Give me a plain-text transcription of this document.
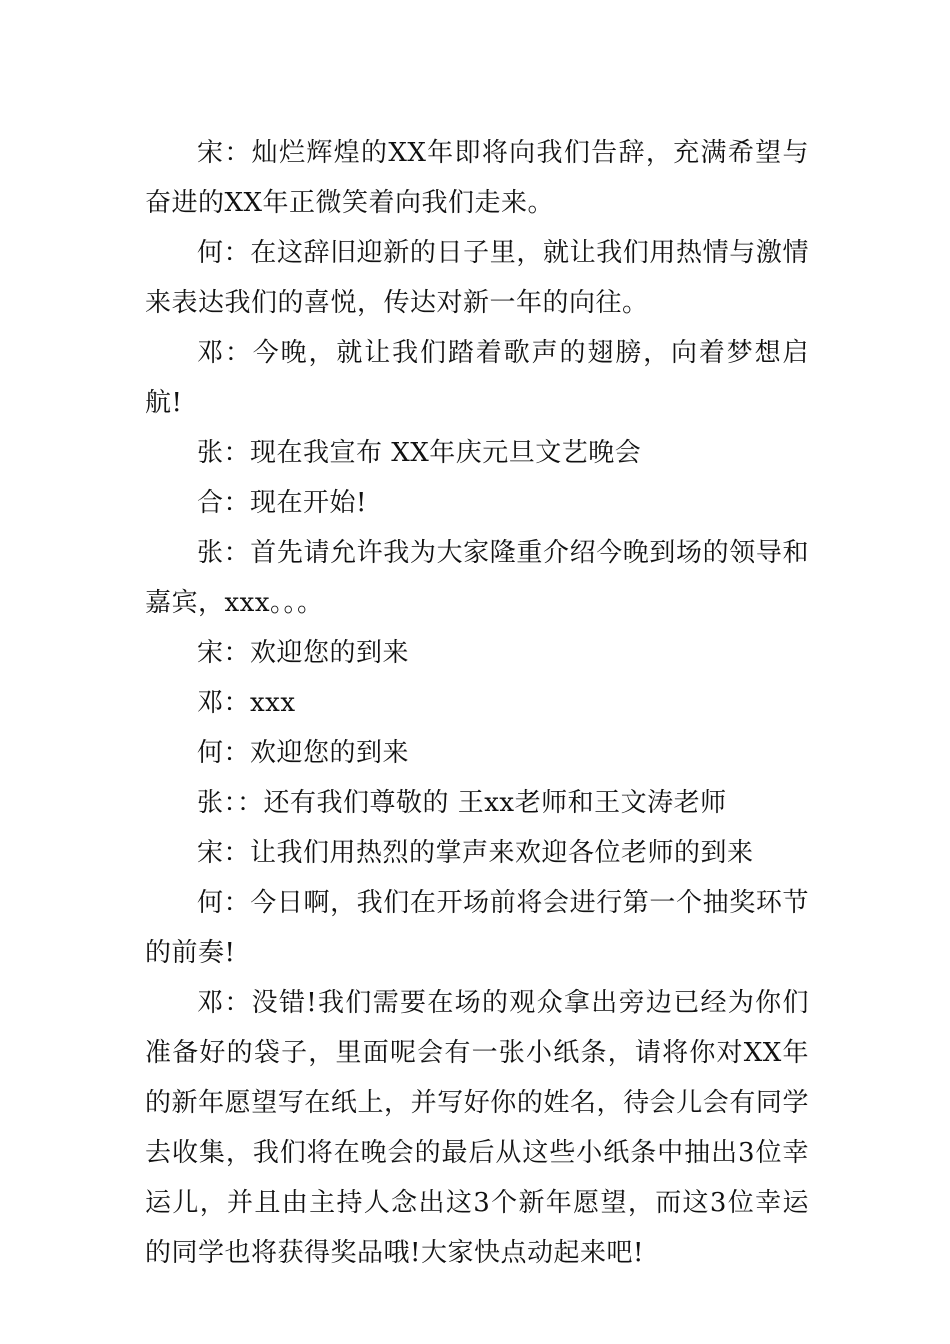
宋：灿烂辉煌的XX年即将向我们告辞，充满希望与奋进的XX年正微笑着向我们走来。

何：在这辞旧迎新的日子里，就让我们用热情与激情来表达我们的喜悦，传达对新一年的向往。

邓：今晚，就让我们踏着歌声的翅膀，向着梦想启航!

张：现在我宣布 XX年庆元旦文艺晚会

合：现在开始!

张：首先请允许我为大家隆重介绍今晚到场的领导和嘉宾，xxx。。。

宋：欢迎您的到来

邓：xxx

何：欢迎您的到来

张：：还有我们尊敬的 王xx老师和王文涛老师

宋：让我们用热烈的掌声来欢迎各位老师的到来

何：今日啊，我们在开场前将会进行第一个抽奖环节的前奏!

邓：没错!我们需要在场的观众拿出旁边已经为你们准备好的袋子，里面呢会有一张小纸条，请将你对XX年的新年愿望写在纸上，并写好你的姓名，待会儿会有同学去收集，我们将在晚会的最后从这些小纸条中抽出3位幸运儿，并且由主持人念出这3个新年愿望，而这3位幸运的同学也将获得奖品哦!大家快点动起来吧!
